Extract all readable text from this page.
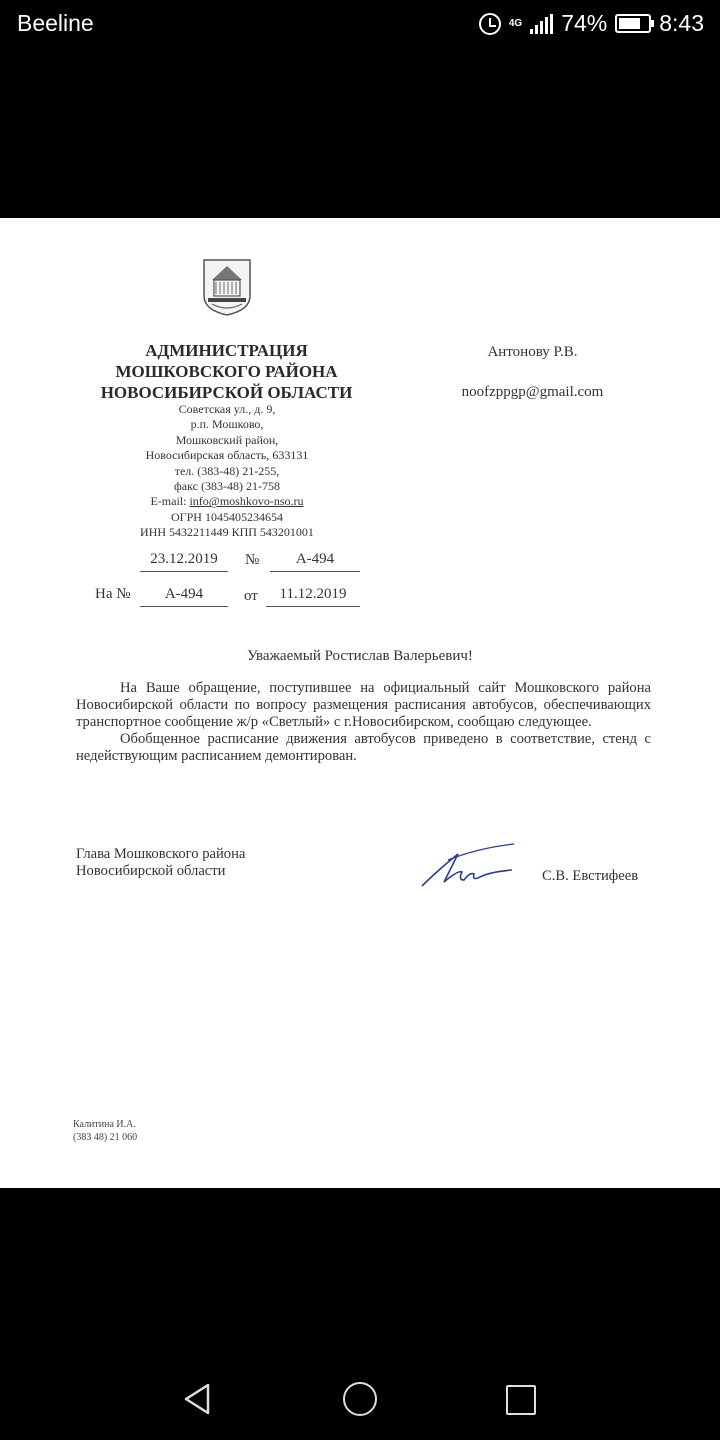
Beeline	4G 74% 8:43
АДМИНИСТРАЦИЯ
МОШКОВСКОГО РАЙОНА
НОВОСИБИРСКОЙ ОБЛАСТИ
Советская ул., д. 9,
р.п. Мошково,
Мошковский район,
Новосибирская область, 633131
тел. (383-48) 21-255,
факс (383-48) 21-758
E-mail: info@moshkovo-nso.ru
ОГРН 1045405234654
ИНН 5432211449 КПП 543201001
Антонову Р.В.
noofzppgp@gmail.com
23.12.2019	№	А-494
На №	А-494	от	11.12.2019
Уважаемый Ростислав Валерьевич!

На Ваше обращение, поступившее на официальный сайт Мошковского района Новосибирской области по вопросу размещения расписания автобусов, обеспечивающих транспортное сообщение ж/р «Светлый» с г.Новосибирском, сообщаю следующее.

Обобщенное расписание движения автобусов приведено в соответствие, стенд с недействующим расписанием демонтирован.

Глава Мошковского района
Новосибирской области	С.В. Евстифеев
Калитина И.А.
(383 48) 21 060
